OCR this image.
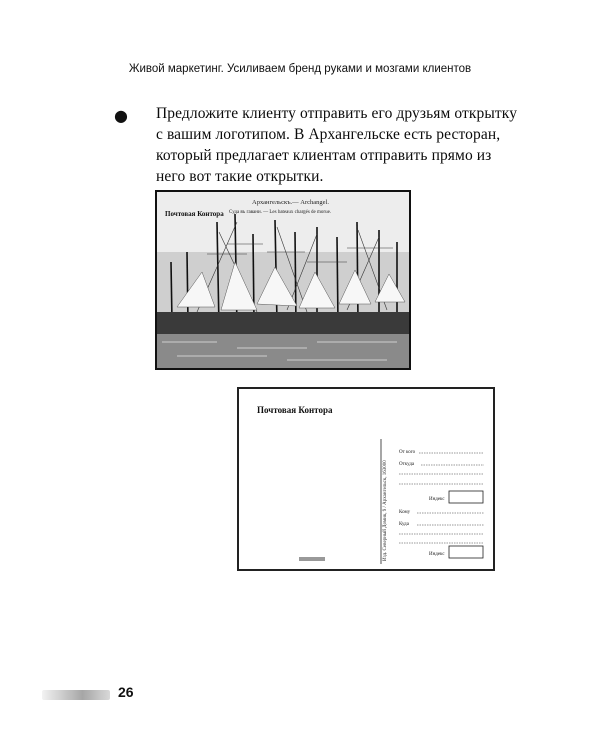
Живой маркетинг. Усиливаем бренд руками и мозгами клиентов
● Предложите клиенту отправить его друзьям открытку с вашим логотипом. В Архангельске есть ресторан, который предлагает клиентам отправить прямо из него вот такие открытки.
Архангельскъ.— Archangel.
Суда въ гавани. — Les bateaux chargés de morue.
Почтовая Контора
Почтовая Контора
Изд. Северный Домик, 9 / Архангельск, 163000
От кого
Откуда
Индекс
Кому
Куда
Индекс
26
